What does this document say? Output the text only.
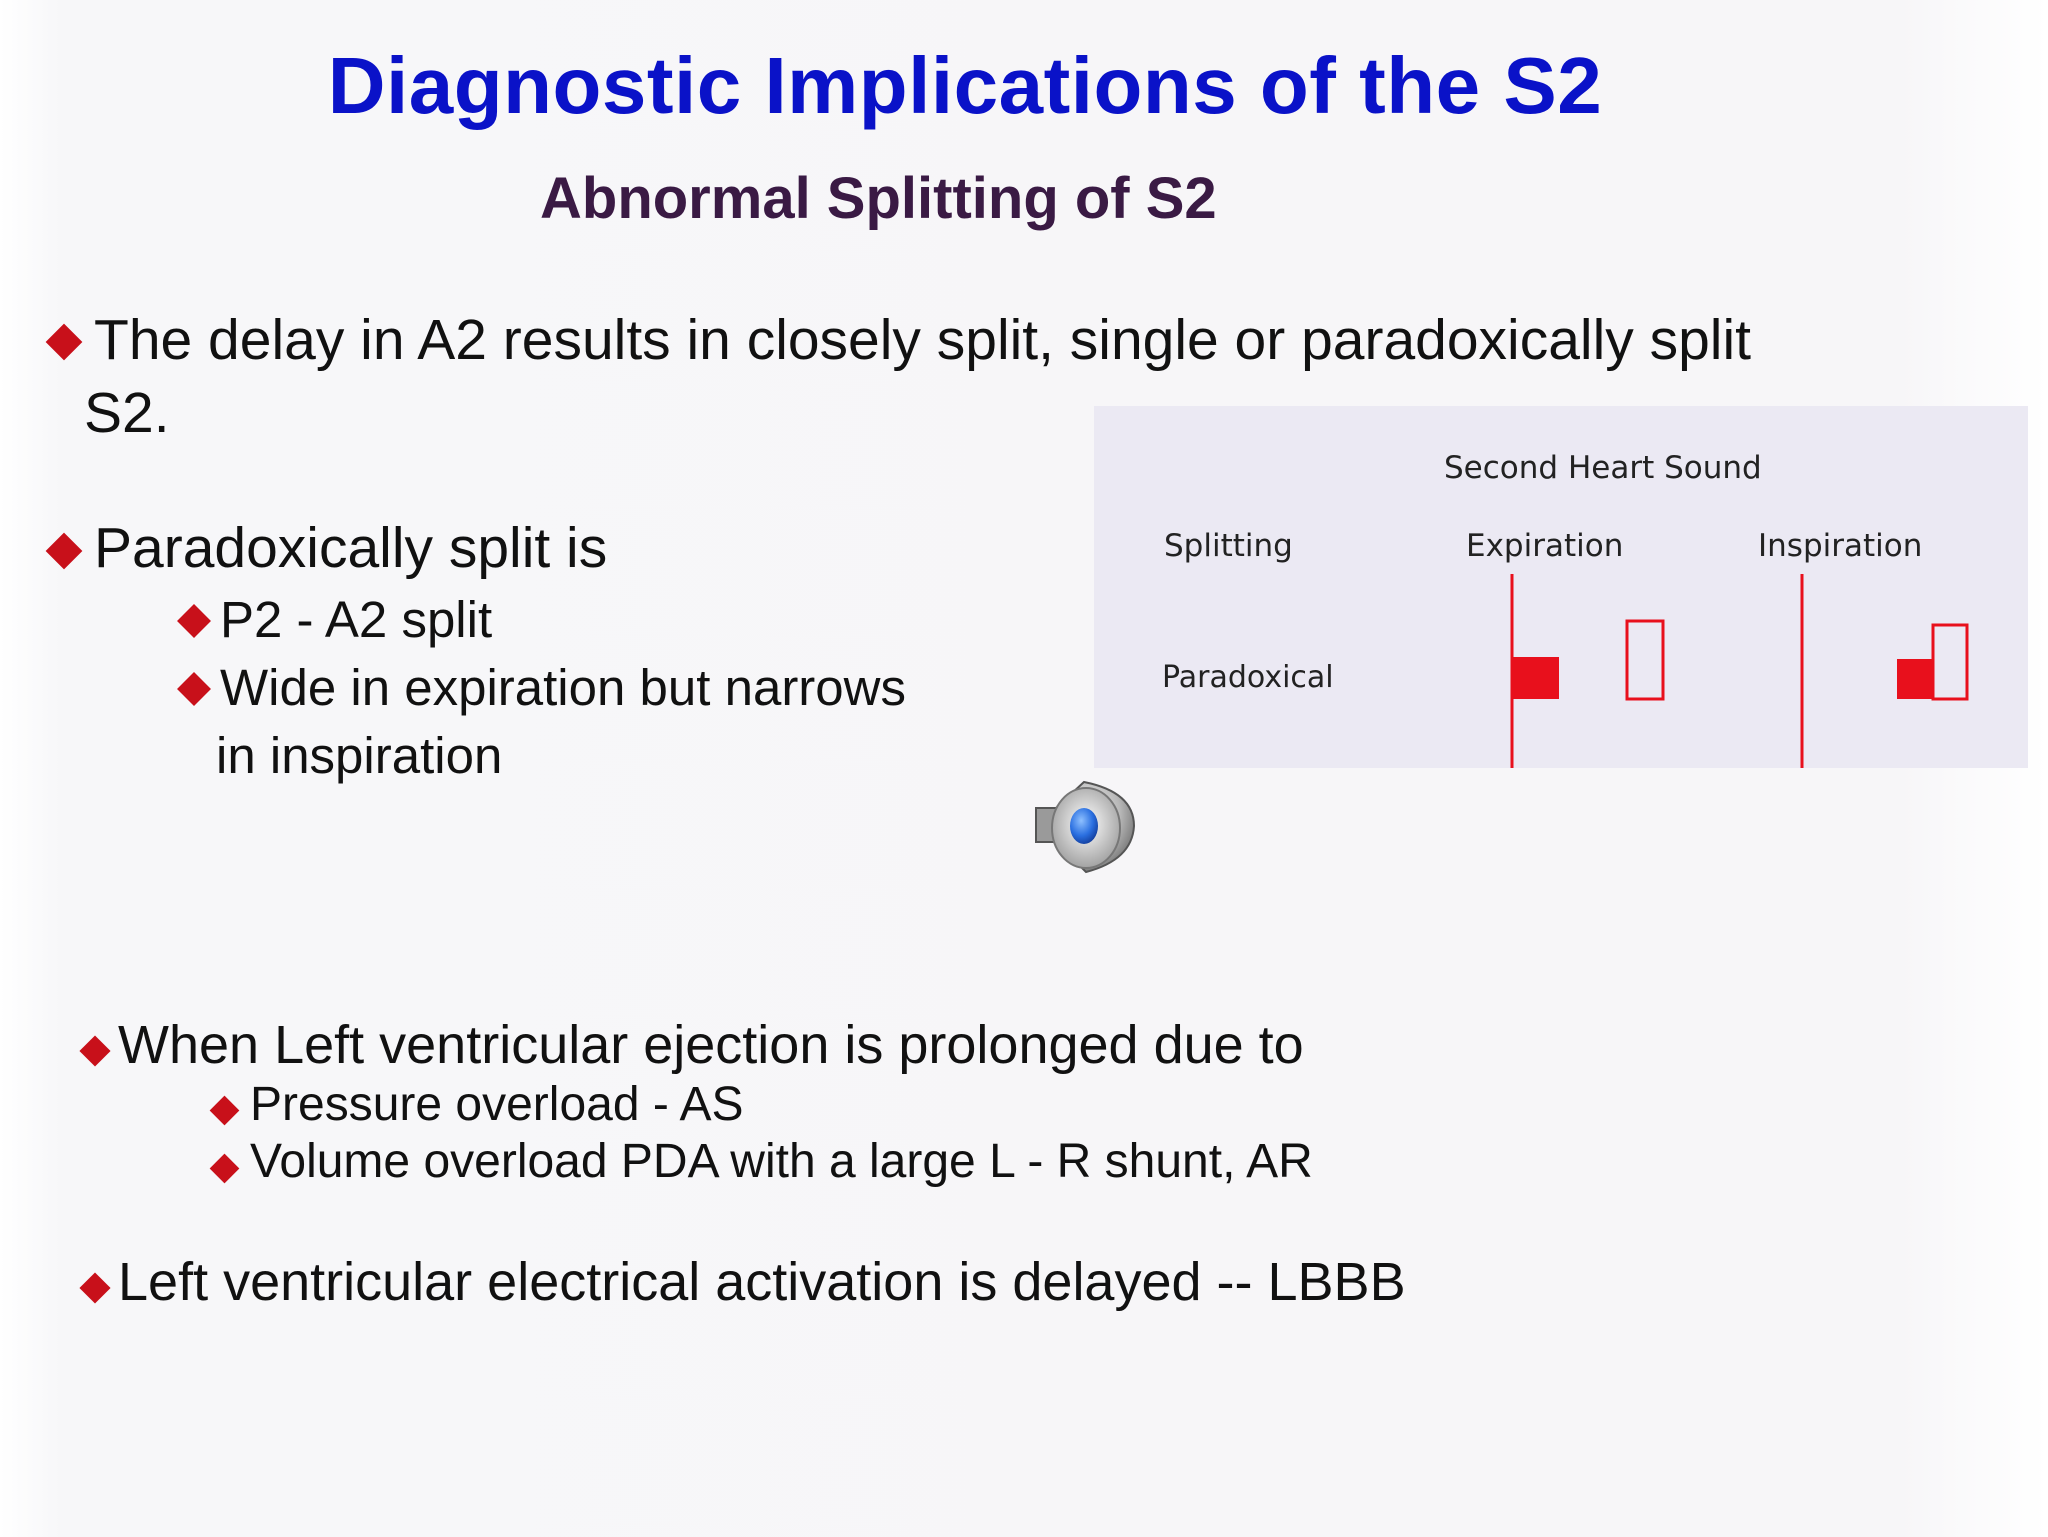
Diagnostic Implications of the S2
Abnormal Splitting of S2
The delay in A2 results in closely split, single or paradoxically split
S2.
Paradoxically split is
P2 - A2 split
Wide in expiration but narrows
in inspiration
Second Heart Sound
Splitting	Expiration	Inspiration
Paradoxical
When Left ventricular ejection is prolonged due to
Pressure overload - AS
Volume overload PDA with a large L - R shunt, AR
Left ventricular electrical activation is delayed -- LBBB
